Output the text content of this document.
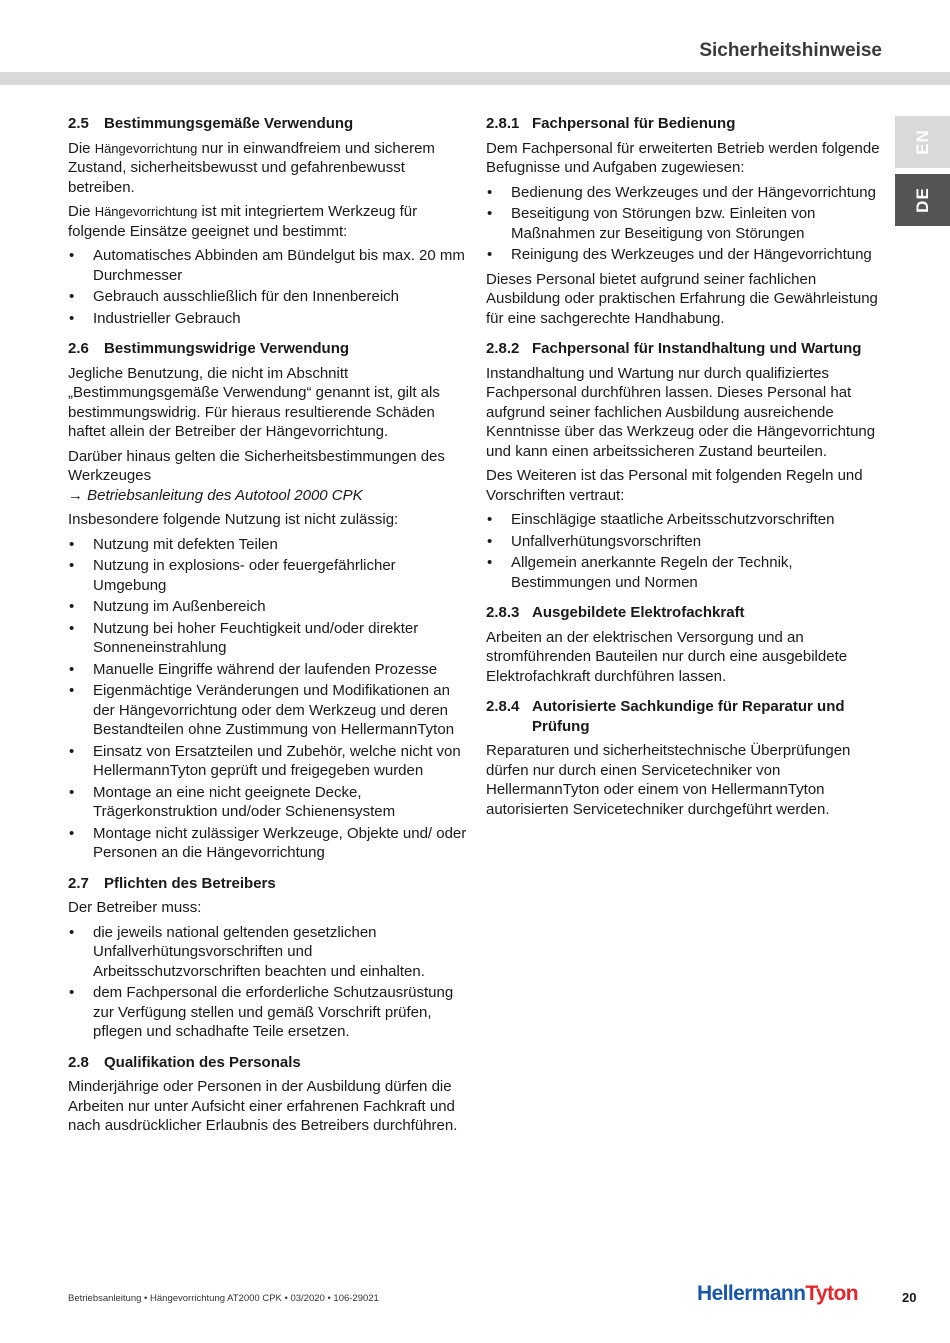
Sicherheitshinweise
EN
DE
2.5	Bestimmungsgemäße Verwendung

Die Hängevorrichtung nur in einwandfreiem und sicherem Zustand, sicherheitsbewusst und gefahrenbewusst betreiben.

Die Hängevorrichtung ist mit integriertem Werkzeug für folgende Einsätze geeignet und bestimmt:

• Automatisches Abbinden am Bündelgut bis max. 20 mm Durchmesser
• Gebrauch ausschließlich für den Innenbereich
• Industrieller Gebrauch
2.6	Bestimmungswidrige Verwendung

Jegliche Benutzung, die nicht im Abschnitt „Bestimmungsgemäße Verwendung“ genannt ist, gilt als bestimmungswidrig. Für hieraus resultierende Schäden haftet allein der Betreiber der Hängevorrichtung.

Darüber hinaus gelten die Sicherheitsbestimmungen des Werkzeuges
→ Betriebsanleitung des Autotool 2000 CPK

Insbesondere folgende Nutzung ist nicht zulässig:

• Nutzung mit defekten Teilen
• Nutzung in explosions- oder feuergefährlicher Umgebung
• Nutzung im Außenbereich
• Nutzung bei hoher Feuchtigkeit und/oder direkter Sonneneinstrahlung
• Manuelle Eingriffe während der laufenden Prozesse
• Eigenmächtige Veränderungen und Modifikationen an der Hängevorrichtung oder dem Werkzeug und deren Bestandteilen ohne Zustimmung von HellermannTyton
• Einsatz von Ersatzteilen und Zubehör, welche nicht von HellermannTyton geprüft und freigegeben wurden
• Montage an eine nicht geeignete Decke, Trägerkonstruktion und/oder Schienensystem
• Montage nicht zulässiger Werkzeuge, Objekte und/ oder Personen an die Hängevorrichtung
2.7	Pflichten des Betreibers

Der Betreiber muss:

• die jeweils national geltenden gesetzlichen Unfallverhütungsvorschriften und Arbeitsschutzvorschriften beachten und einhalten.
• dem Fachpersonal die erforderliche Schutzausrüstung zur Verfügung stellen und gemäß Vorschrift prüfen, pflegen und schadhafte Teile ersetzen.
2.8	Qualifikation des Personals

Minderjährige oder Personen in der Ausbildung dürfen die Arbeiten nur unter Aufsicht einer erfahrenen Fachkraft und nach ausdrücklicher Erlaubnis des Betreibers durchführen.

2.8.1 Fachpersonal für Bedienung

Dem Fachpersonal für erweiterten Betrieb werden folgende Befugnisse und Aufgaben zugewiesen:

• Bedienung des Werkzeuges und der Hängevorrichtung
• Beseitigung von Störungen bzw. Einleiten von Maßnahmen zur Beseitigung von Störungen
• Reinigung des Werkzeuges und der Hängevorrichtung

Dieses Personal bietet aufgrund seiner fachlichen Ausbildung oder praktischen Erfahrung die Gewährleistung für eine sachgerechte Handhabung.

2.8.2 Fachpersonal für Instandhaltung und Wartung

Instandhaltung und Wartung nur durch qualifiziertes Fachpersonal durchführen lassen. Dieses Personal hat aufgrund seiner fachlichen Ausbildung ausreichende Kenntnisse über das Werkzeug oder die Hängevorrichtung und kann einen arbeitssicheren Zustand beurteilen.

Des Weiteren ist das Personal mit folgenden Regeln und Vorschriften vertraut:

• Einschlägige staatliche Arbeitsschutzvorschriften
• Unfallverhütungsvorschriften
• Allgemein anerkannte Regeln der Technik, Bestimmungen und Normen
2.8.3 Ausgebildete Elektrofachkraft

Arbeiten an der elektrischen Versorgung und an stromführenden Bauteilen nur durch eine ausgebildete Elektrofachkraft durchführen lassen.

2.8.4 Autorisierte Sachkundige für Reparatur und Prüfung

Reparaturen und sicherheitstechnische Überprüfungen dürfen nur durch einen Servicetechniker von HellermannTyton oder einem von HellermannTyton autorisierten Servicetechniker durchgeführt werden.

Betriebsanleitung • Hängevorrichtung AT2000 CPK • 03/2020 • 106-29021	HellermannTyton	20
